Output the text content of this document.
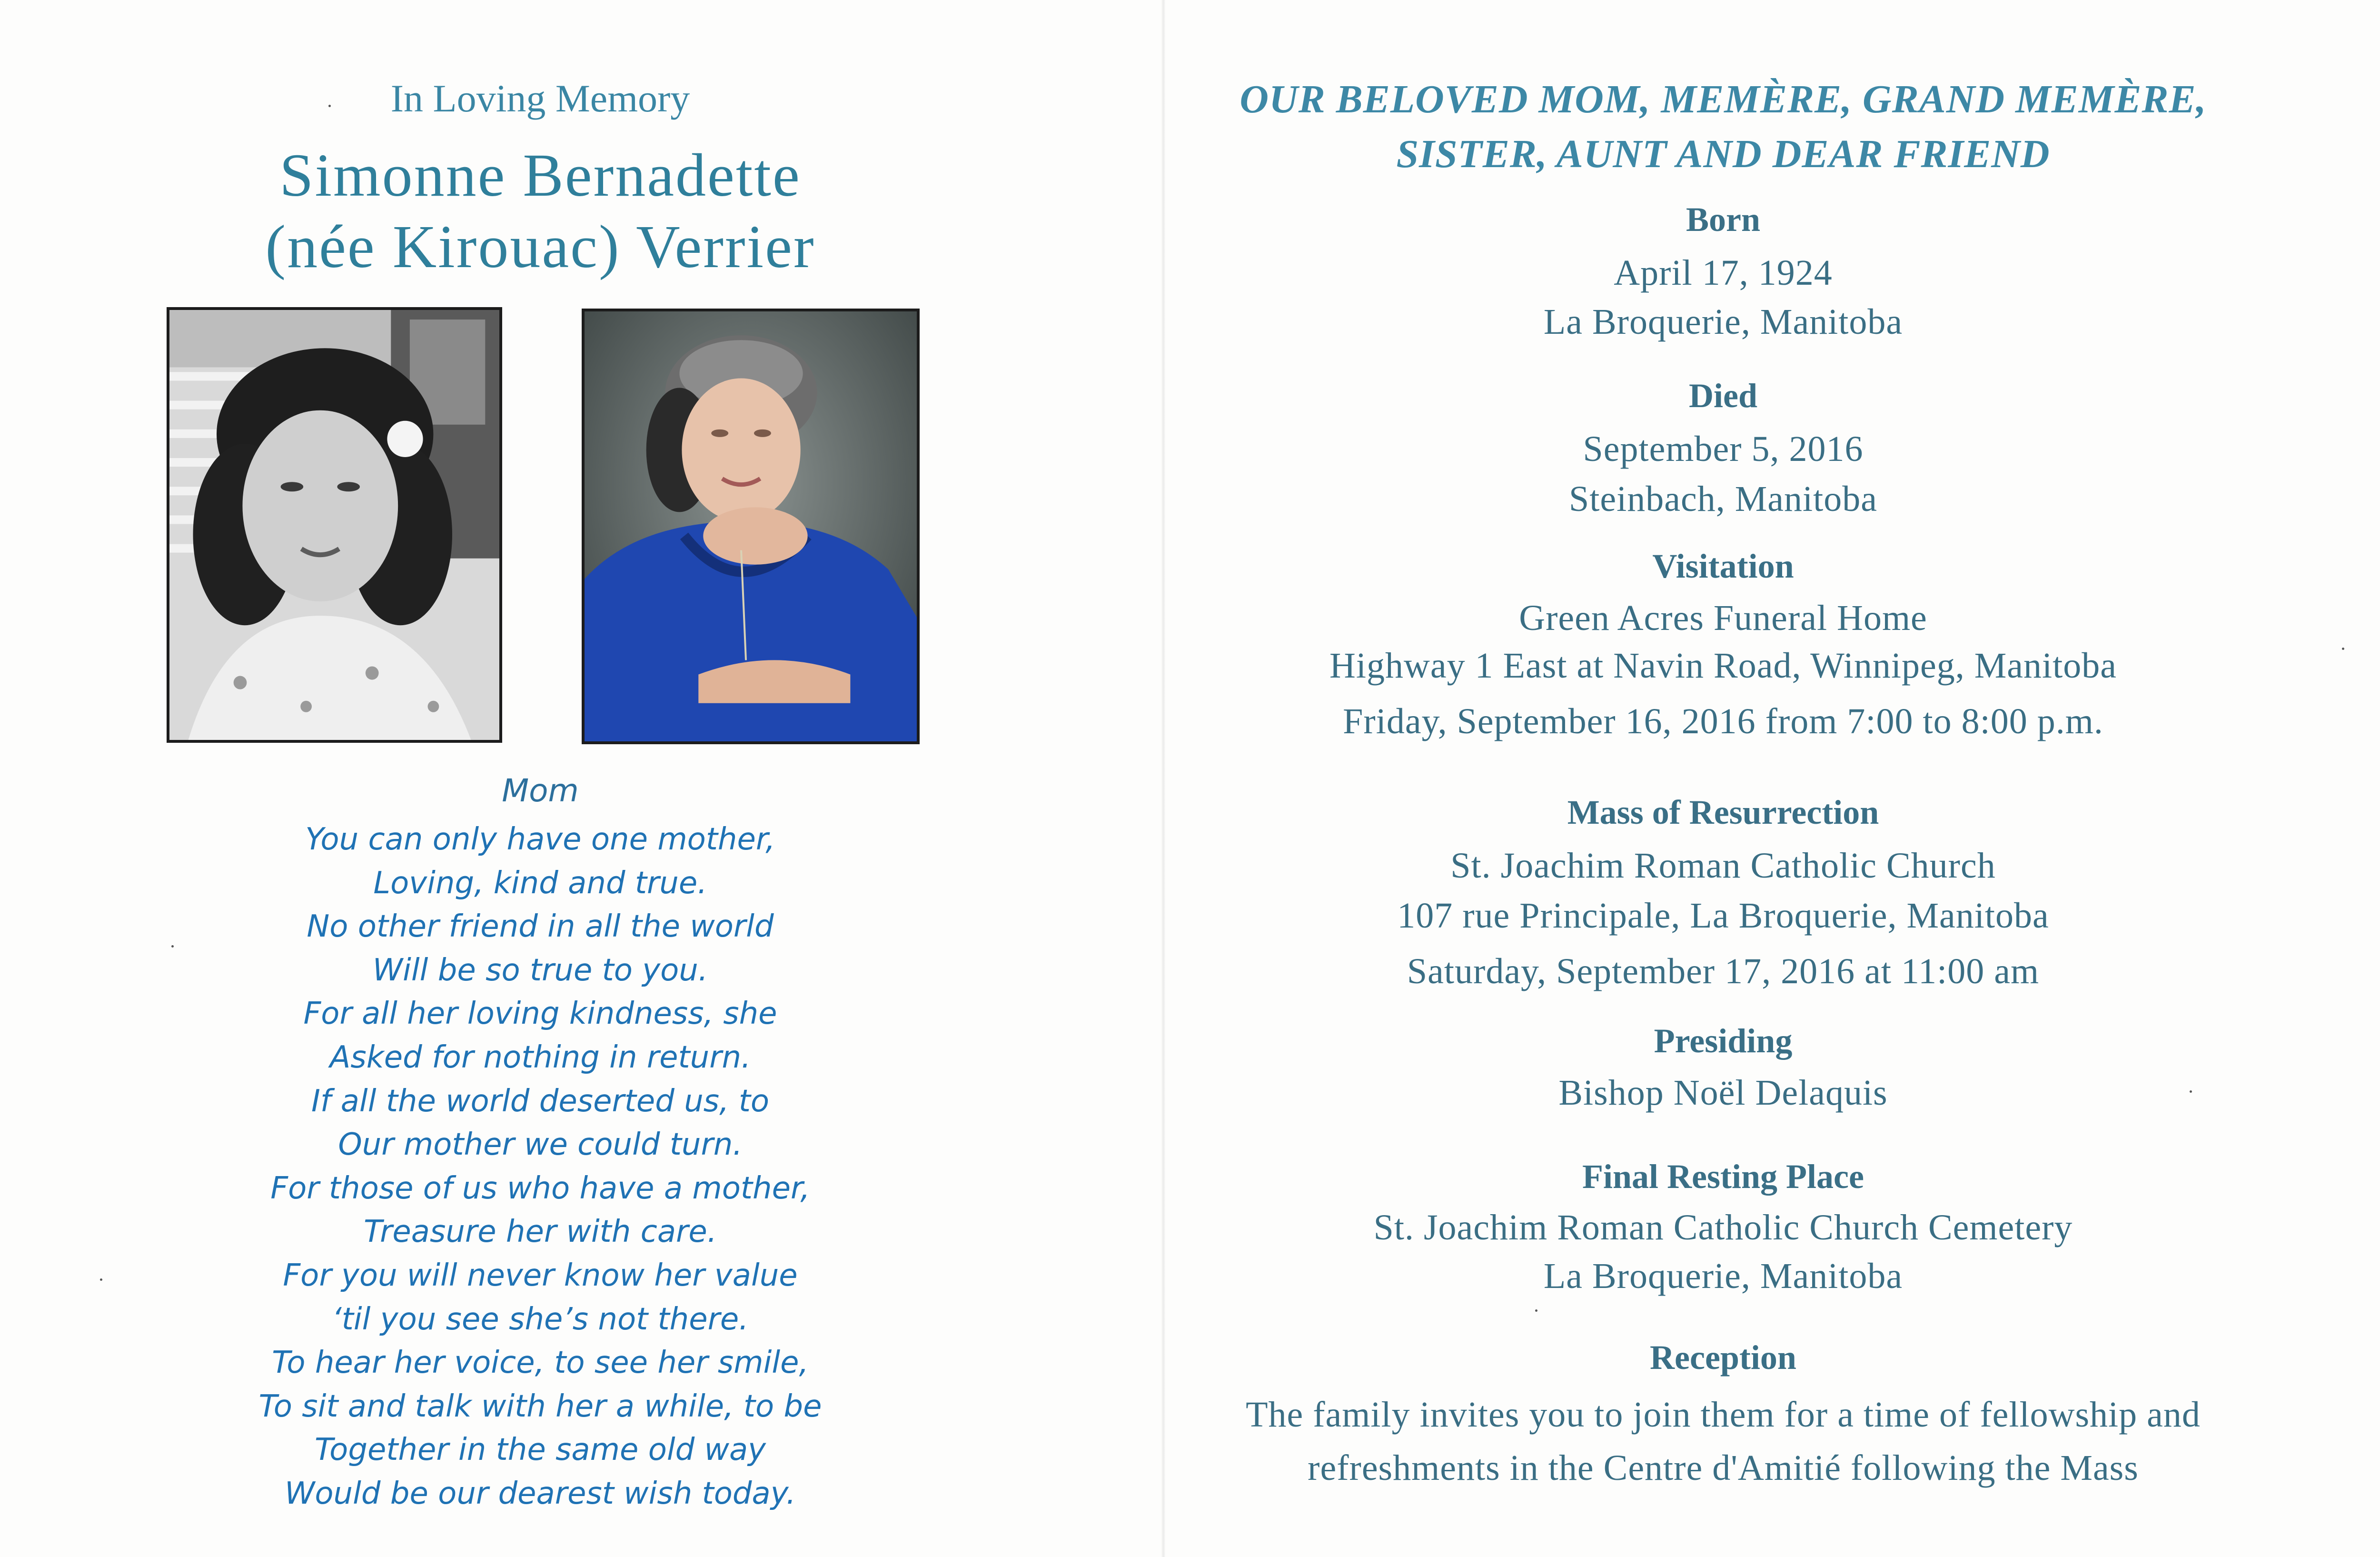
In Loving Memory
Simonne Bernadette
(née Kirouac) Verrier
Mom
You can only have one mother,
Loving, kind and true.
No other friend in all the world
Will be so true to you.
For all her loving kindness, she
Asked for nothing in return.
If all the world deserted us, to
Our mother we could turn.
For those of us who have a mother,
Treasure her with care.
For you will never know her value
‘til you see she’s not there.
To hear her voice, to see her smile,
To sit and talk with her a while, to be
Together in the same old way
Would be our dearest wish today.
OUR BELOVED MOM, MEMÈRE, GRAND MEMÈRE,
SISTER, AUNT AND DEAR FRIEND
Born
April 17, 1924
La Broquerie, Manitoba
Died
September 5, 2016
Steinbach, Manitoba
Visitation
Green Acres Funeral Home
Highway 1 East at Navin Road, Winnipeg, Manitoba
Friday, September 16, 2016 from 7:00 to 8:00 p.m.
Mass of Resurrection
St. Joachim Roman Catholic Church
107 rue Principale, La Broquerie, Manitoba
Saturday, September 17, 2016 at 11:00 am
Presiding
Bishop Noël Delaquis
Final Resting Place
St. Joachim Roman Catholic Church Cemetery
La Broquerie, Manitoba
Reception
The family invites you to join them for a time of fellowship and
refreshments in the Centre d'Amitié following the Mass
